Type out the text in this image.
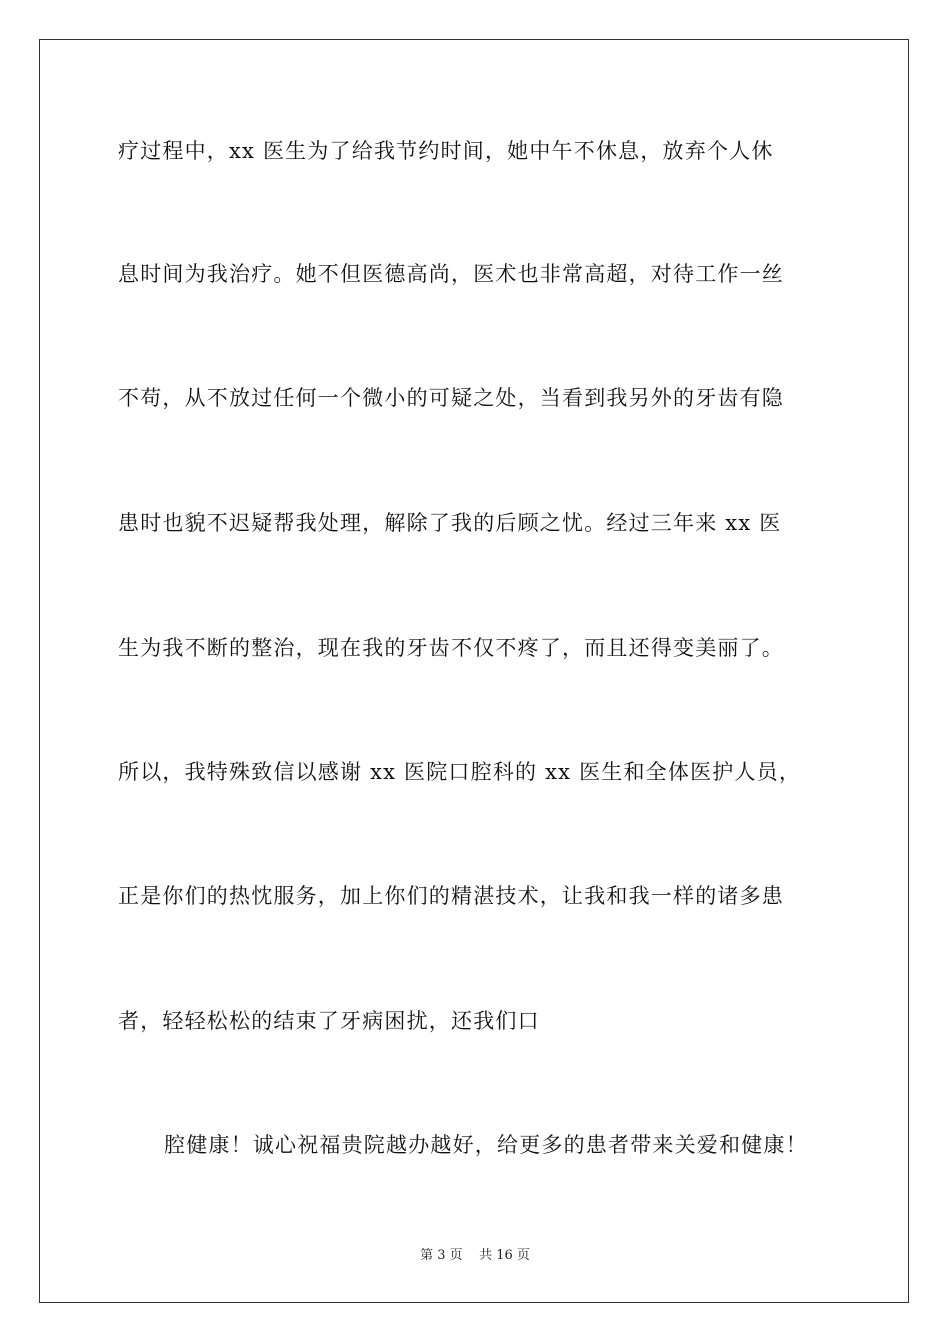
疗过程中，xx 医生为了给我节约时间，她中午不休息，放弃个人休
息时间为我治疗。她不但医德高尚，医术也非常高超，对待工作一丝
不苟，从不放过任何一个微小的可疑之处，当看到我另外的牙齿有隐
患时也貌不迟疑帮我处理，解除了我的后顾之忧。经过三年来 xx 医
生为我不断的整治，现在我的牙齿不仅不疼了，而且还得变美丽了。
所以，我特殊致信以感谢 xx 医院口腔科的 xx 医生和全体医护人员，
正是你们的热忱服务，加上你们的精湛技术，让我和我一样的诸多患
者，轻轻松松的结束了牙病困扰，还我们口
腔健康！诚心祝福贵院越办越好，给更多的患者带来关爱和健康！
第 3 页    共 16 页
